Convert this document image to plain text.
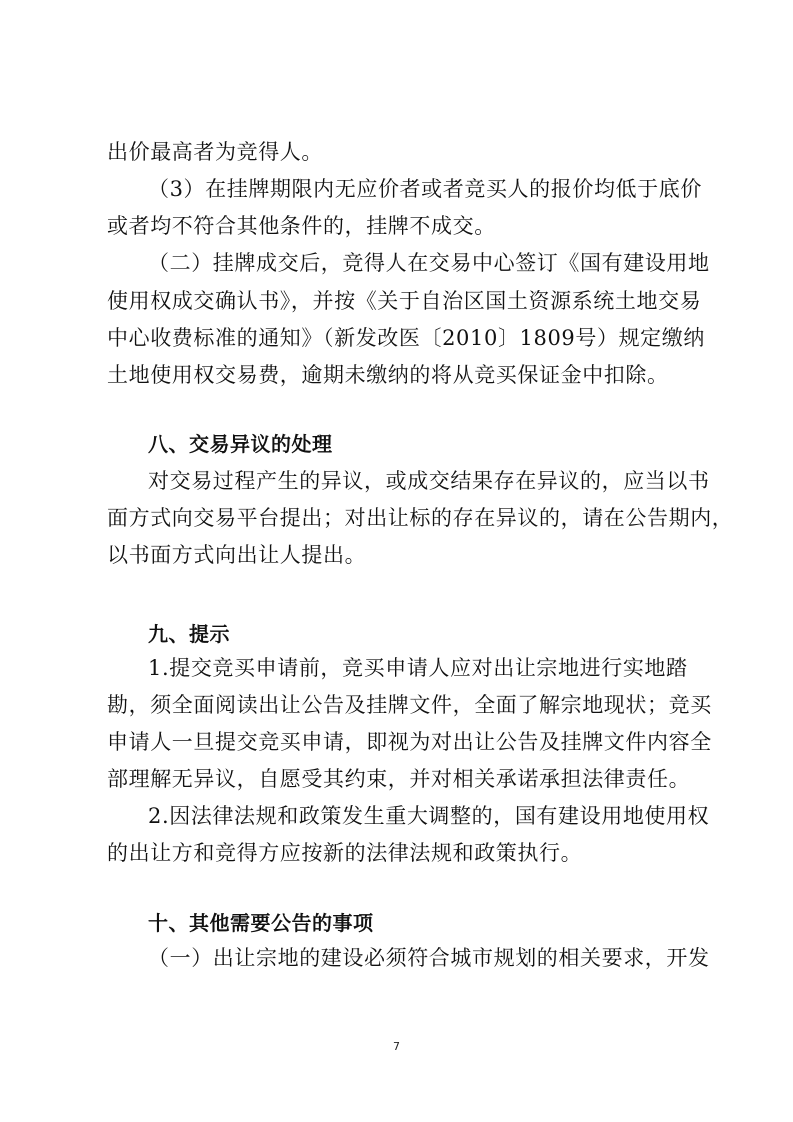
出价最高者为竞得人。
（3）在挂牌期限内无应价者或者竞买人的报价均低于底价
或者均不符合其他条件的，挂牌不成交。
（二）挂牌成交后，竞得人在交易中心签订《国有建设用地
使用权成交确认书》，并按《关于自治区国土资源系统土地交易
中心收费标准的通知》（新发改医〔2010〕1809号）规定缴纳
土地使用权交易费，逾期未缴纳的将从竞买保证金中扣除。
八、交易异议的处理
对交易过程产生的异议，或成交结果存在异议的，应当以书
面方式向交易平台提出；对出让标的存在异议的，请在公告期内，
以书面方式向出让人提出。
九、提示
1.提交竞买申请前，竞买申请人应对出让宗地进行实地踏
勘，须全面阅读出让公告及挂牌文件，全面了解宗地现状；竞买
申请人一旦提交竞买申请，即视为对出让公告及挂牌文件内容全
部理解无异议，自愿受其约束，并对相关承诺承担法律责任。
2.因法律法规和政策发生重大调整的，国有建设用地使用权
的出让方和竞得方应按新的法律法规和政策执行。
十、其他需要公告的事项
（一）出让宗地的建设必须符合城市规划的相关要求，开发
7
